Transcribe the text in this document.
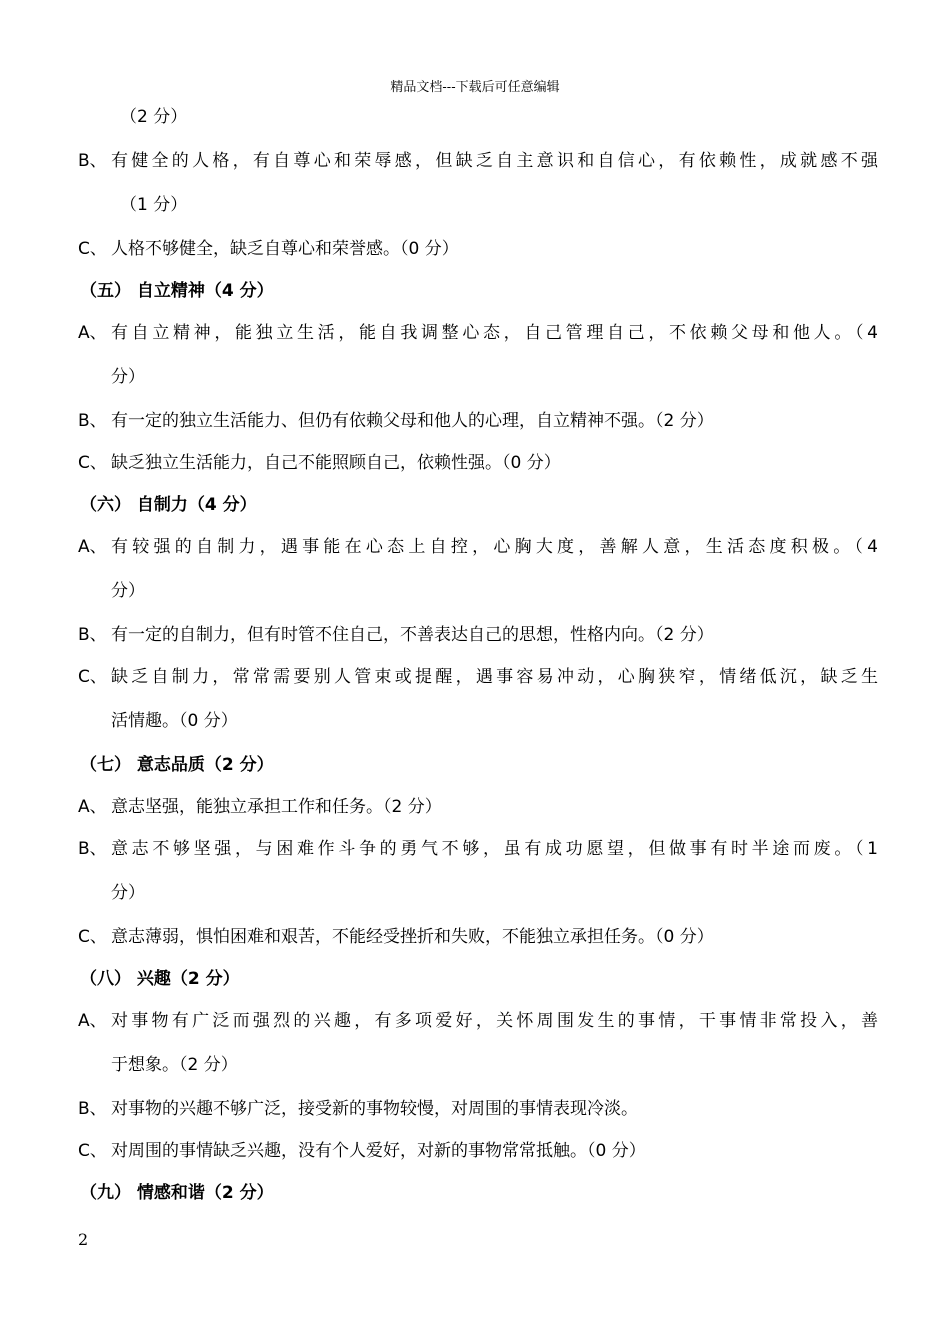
精品文档---下载后可任意编辑
（2 分）
B、 有健全的人格，有自尊心和荣辱感，但缺乏自主意识和自信心，有依赖性，成就感不强
（1 分）
C、 人格不够健全，缺乏自尊心和荣誉感。（0 分）
（五） 自立精神（4 分）
A、 有自立精神，能独立生活，能自我调整心态，自己管理自己，不依赖父母和他人。（4
分）
B、 有一定的独立生活能力、但仍有依赖父母和他人的心理，自立精神不强。（2 分）
C、 缺乏独立生活能力，自己不能照顾自己，依赖性强。（0 分）
（六） 自制力（4 分）
A、 有较强的自制力，遇事能在心态上自控，心胸大度，善解人意，生活态度积极。（4
分）
B、 有一定的自制力，但有时管不住自己，不善表达自己的思想，性格内向。（2 分）
C、 缺乏自制力，常常需要别人管束或提醒，遇事容易冲动，心胸狭窄，情绪低沉，缺乏生
活情趣。（0 分）
（七） 意志品质（2 分）
A、 意志坚强，能独立承担工作和任务。（2 分）
B、 意志不够坚强，与困难作斗争的勇气不够，虽有成功愿望，但做事有时半途而废。（1
分）
C、 意志薄弱，惧怕困难和艰苦，不能经受挫折和失败，不能独立承担任务。（0 分）
（八） 兴趣（2 分）
A、 对事物有广泛而强烈的兴趣，有多项爱好，关怀周围发生的事情，干事情非常投入，善
于想象。（2 分）
B、 对事物的兴趣不够广泛，接受新的事物较慢，对周围的事情表现冷淡。
C、 对周围的事情缺乏兴趣，没有个人爱好，对新的事物常常抵触。（0 分）
（九） 情感和谐（2 分）
2
